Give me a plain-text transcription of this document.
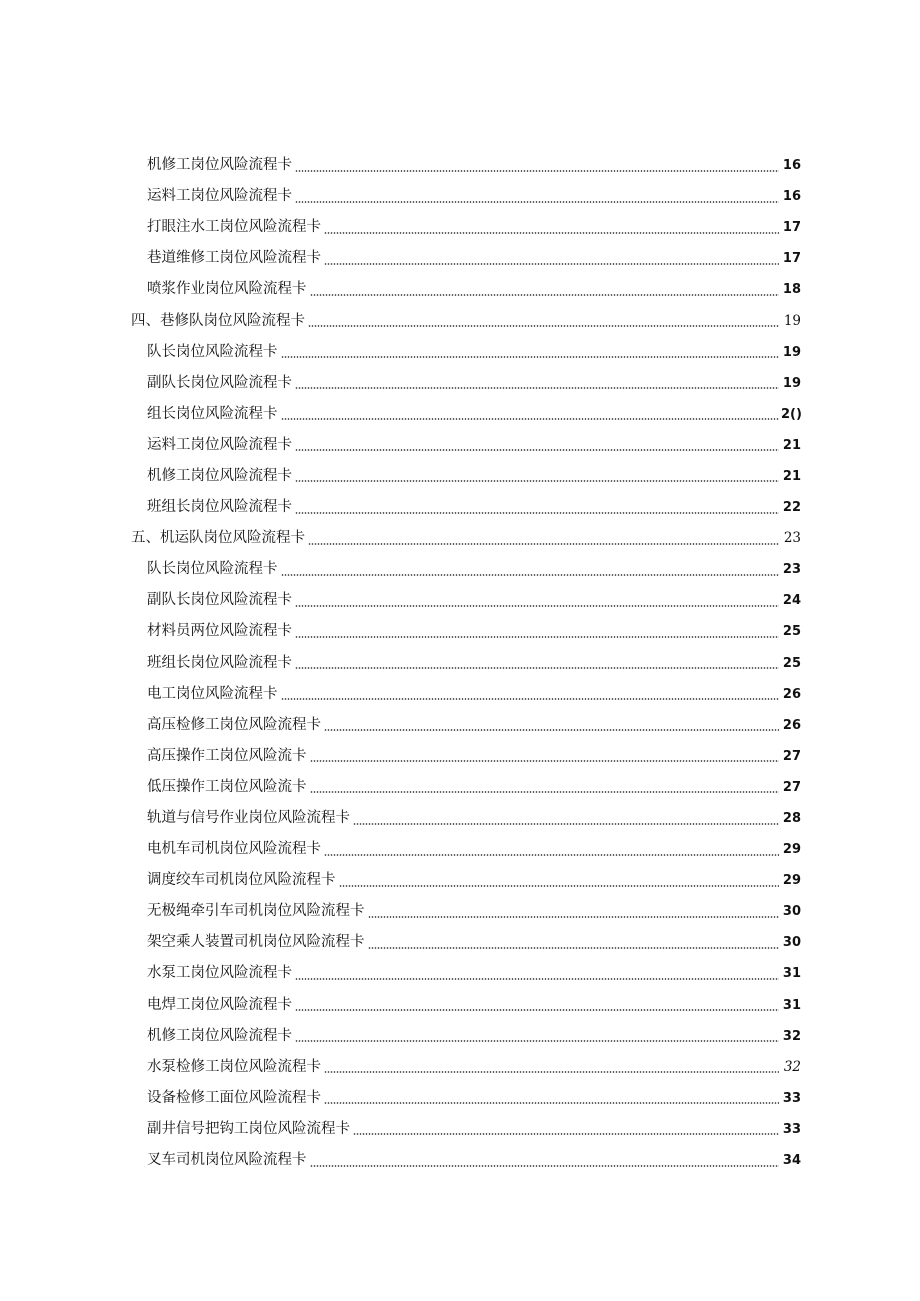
机修工岗位风险流程卡	16
运料工岗位风险流程卡	16
打眼注水工岗位风险流程卡	17
巷道维修工岗位风险流程卡	17
喷浆作业岗位风险流程卡	18
四、巷修队岗位风险流程卡	19
队长岗位风险流程卡	19
副队长岗位风险流程卡	19
组长岗位风险流程卡	2()
运料工岗位风险流程卡	21
机修工岗位风险流程卡	21
班组长岗位风险流程卡	22
五、机运队岗位风险流程卡	23
队长岗位风险流程卡	23
副队长岗位风险流程卡	24
材料员两位风险流程卡	25
班组长岗位风险流程卡	25
电工岗位风险流程卡	26
高压检修工岗位风险流程卡	26
高压操作工岗位风险流卡	27
低压操作工岗位风险流卡	27
轨道与信号作业岗位风险流程卡	28
电机车司机岗位风险流程卡	29
调度绞车司机岗位风险流程卡	29
无极绳牵引车司机岗位风险流程卡	30
架空乘人装置司机岗位风险流程卡	30
水泵工岗位风险流程卡	31
电焊工岗位风险流程卡	31
机修工岗位风险流程卡	32
水泵检修工岗位风险流程卡	32
设备检修工面位风险流程卡	33
副井信号把钩工岗位风险流程卡	33
叉车司机岗位风险流程卡	34
